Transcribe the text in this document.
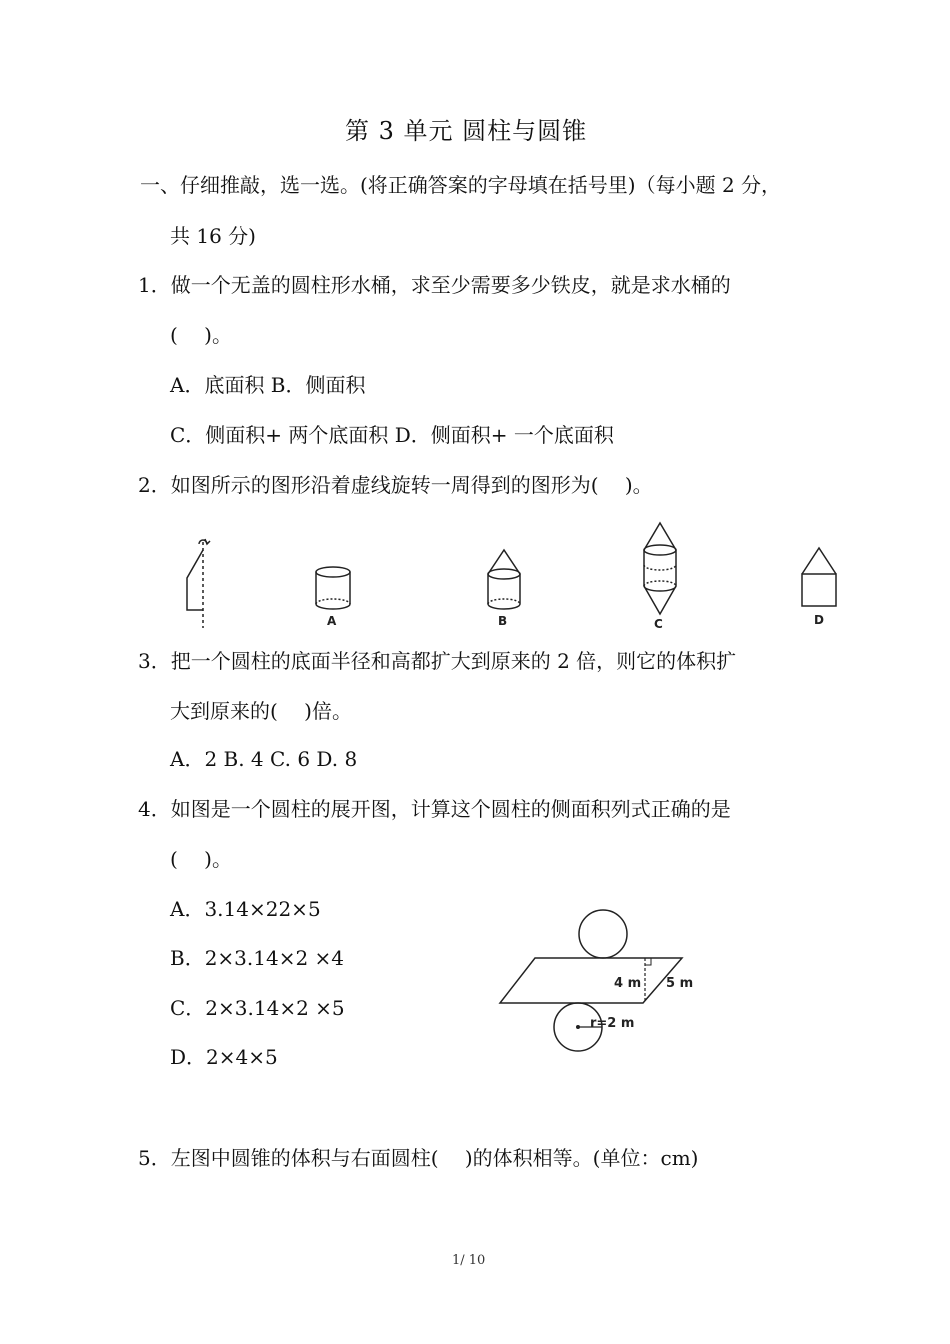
第 3 单元 圆柱与圆锥
一、仔细推敲，选一选。(将正确答案的字母填在括号里)（每小题 2 分，
共 16 分)
1．做一个无盖的圆柱形水桶，求至少需要多少铁皮，就是求水桶的
(　 )。
A．底面积 B．侧面积
C．侧面积+ 两个底面积 D．侧面积+ 一个底面积
2．如图所示的图形沿着虚线旋转一周得到的图形为(　 )。
A	B	C	D
3．把一个圆柱的底面半径和高都扩大到原来的 2 倍，则它的体积扩
大到原来的(　 )倍。
A．2 B. 4 C. 6 D. 8
4．如图是一个圆柱的展开图，计算这个圆柱的侧面积列式正确的是
(　 )。
A．3.14×22×5
B．2×3.14×2 ×4
C．2×3.14×2 ×5
D．2×4×5
4 m 5 m
r=2 m
5．左图中圆锥的体积与右面圆柱(　 )的体积相等。(单位：cm)
1/ 10
